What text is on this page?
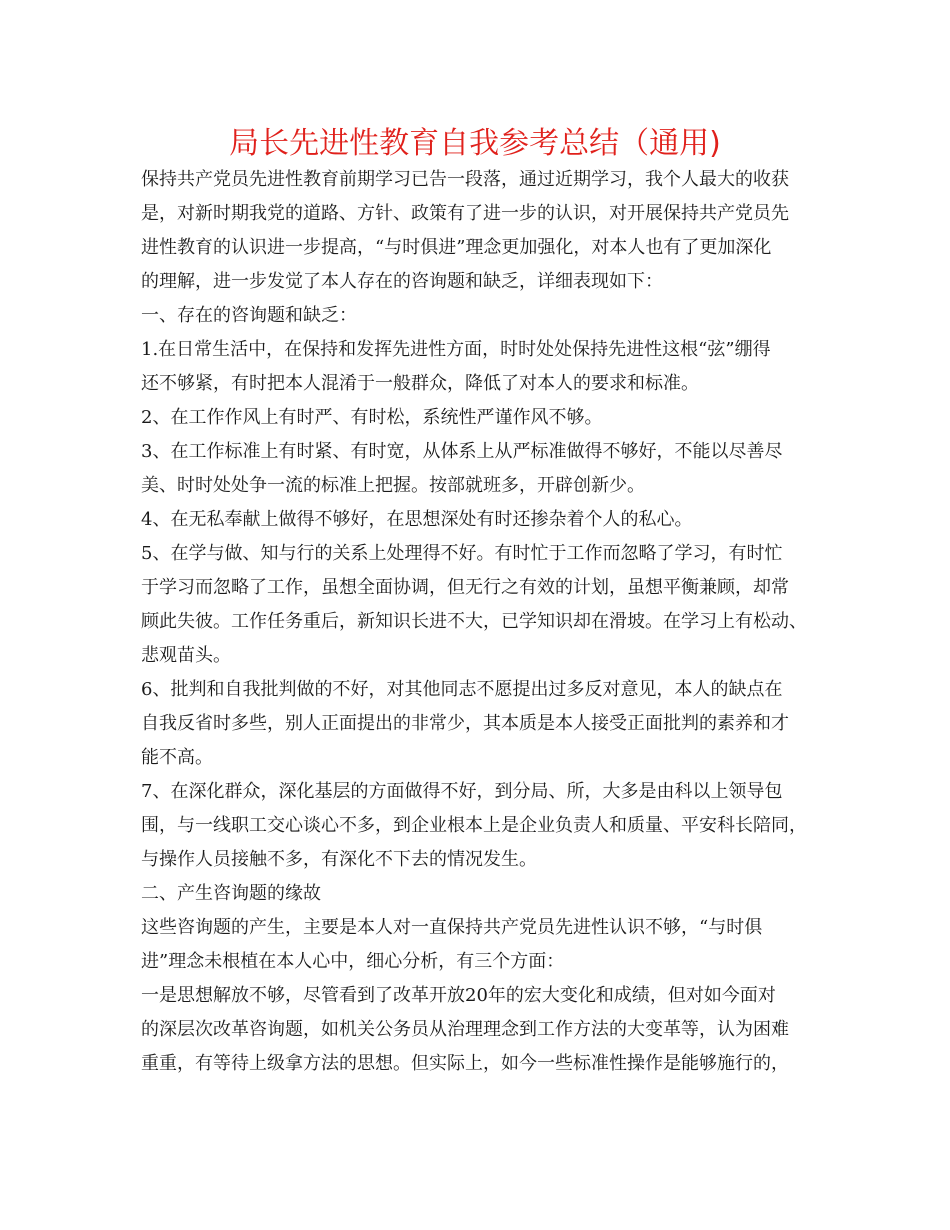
局长先进性教育自我参考总结（通用)
保持共产党员先进性教育前期学习已告一段落，通过近期学习，我个人最大的收获
是，对新时期我党的道路、方针、政策有了进一步的认识，对开展保持共产党员先
进性教育的认识进一步提高，“与时俱进”理念更加强化，对本人也有了更加深化
的理解，进一步发觉了本人存在的咨询题和缺乏，详细表现如下：
一、存在的咨询题和缺乏：
1.在日常生活中，在保持和发挥先进性方面，时时处处保持先进性这根“弦”绷得
还不够紧，有时把本人混淆于一般群众，降低了对本人的要求和标准。
2、在工作作风上有时严、有时松，系统性严谨作风不够。
3、在工作标准上有时紧、有时宽，从体系上从严标准做得不够好，不能以尽善尽
美、时时处处争一流的标准上把握。按部就班多，开辟创新少。
4、在无私奉献上做得不够好，在思想深处有时还掺杂着个人的私心。
5、在学与做、知与行的关系上处理得不好。有时忙于工作而忽略了学习，有时忙
于学习而忽略了工作，虽想全面协调，但无行之有效的计划，虽想平衡兼顾，却常
顾此失彼。工作任务重后，新知识长进不大，已学知识却在滑坡。在学习上有松动、
悲观苗头。
6、批判和自我批判做的不好，对其他同志不愿提出过多反对意见，本人的缺点在
自我反省时多些，别人正面提出的非常少，其本质是本人接受正面批判的素养和才
能不高。
7、在深化群众，深化基层的方面做得不好，到分局、所，大多是由科以上领导包
围，与一线职工交心谈心不多，到企业根本上是企业负责人和质量、平安科长陪同，
与操作人员接触不多，有深化不下去的情况发生。
二、产生咨询题的缘故
这些咨询题的产生，主要是本人对一直保持共产党员先进性认识不够，“与时俱
进”理念未根植在本人心中，细心分析，有三个方面：
一是思想解放不够，尽管看到了改革开放20年的宏大变化和成绩，但对如今面对
的深层次改革咨询题，如机关公务员从治理理念到工作方法的大变革等，认为困难
重重，有等待上级拿方法的思想。但实际上，如今一些标准性操作是能够施行的，
